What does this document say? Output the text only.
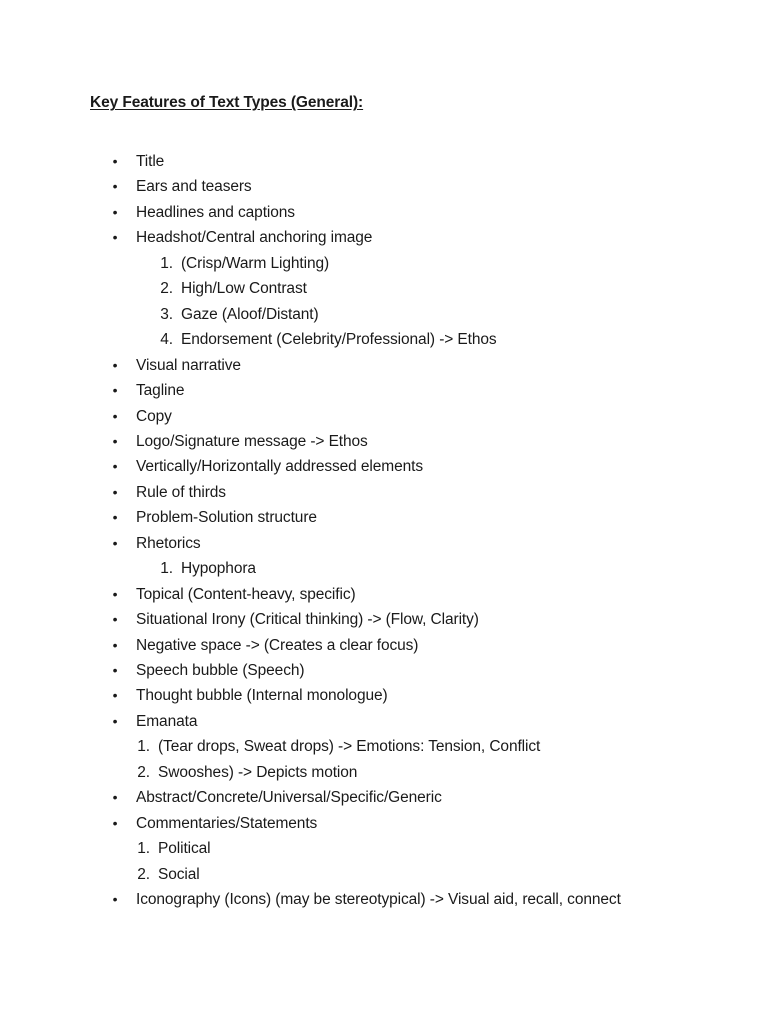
Key Features of Text Types (General):
• Title
• Ears and teasers
• Headlines and captions
• Headshot/Central anchoring image
1. (Crisp/Warm Lighting)
2. High/Low Contrast
3. Gaze (Aloof/Distant)
4. Endorsement (Celebrity/Professional) -> Ethos
• Visual narrative
• Tagline
• Copy
• Logo/Signature message -> Ethos
• Vertically/Horizontally addressed elements
• Rule of thirds
• Problem-Solution structure
• Rhetorics
1. Hypophora
• Topical (Content-heavy, specific)
• Situational Irony (Critical thinking) -> (Flow, Clarity)
• Negative space -> (Creates a clear focus)
• Speech bubble (Speech)
• Thought bubble (Internal monologue)
• Emanata
1. (Tear drops, Sweat drops) -> Emotions: Tension, Conflict
2. Swooshes) -> Depicts motion
• Abstract/Concrete/Universal/Specific/Generic
• Commentaries/Statements
1. Political
2. Social
• Iconography (Icons) (may be stereotypical) -> Visual aid, recall, connect
